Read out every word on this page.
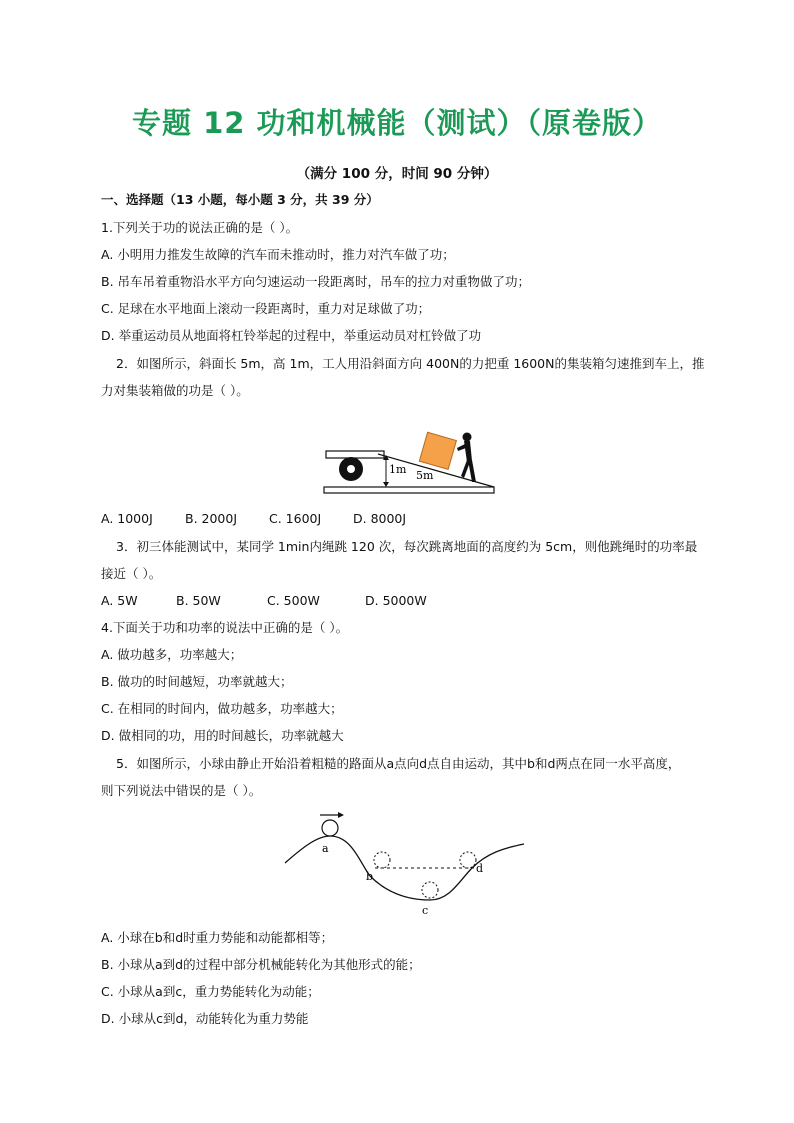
专题 12 功和机械能（测试）（原卷版）
（满分 100 分，时间 90 分钟）
一、选择题（13 小题，每小题 3 分，共 39 分）
1.下列关于功的说法正确的是（ ）。
A. 小明用力推发生故障的汽车而未推动时，推力对汽车做了功；
B. 吊车吊着重物沿水平方向匀速运动一段距离时，吊车的拉力对重物做了功；
C. 足球在水平地面上滚动一段距离时，重力对足球做了功；
D. 举重运动员从地面将杠铃举起的过程中，举重运动员对杠铃做了功
2．如图所示，斜面长 5m，高 1m，工人用沿斜面方向 400N的力把重 1600N的集装箱匀速推到车上，推
力对集装箱做的功是（ ）。
1m 5m
A. 1000J	B. 2000J	C. 1600J	D. 8000J
3．初三体能测试中，某同学 1min内绳跳 120 次，每次跳离地面的高度约为 5cm，则他跳绳时的功率最
接近（ ）。
A. 5W	B. 50W	C. 500W	D. 5000W
4.下面关于功和功率的说法中正确的是（ ）。
A. 做功越多，功率越大；
B. 做功的时间越短，功率就越大；
C. 在相同的时间内，做功越多，功率越大；
D. 做相同的功，用的时间越长，功率就越大
5．如图所示，小球由静止开始沿着粗糙的路面从a点向d点自由运动，其中b和d两点在同一水平高度，
则下列说法中错误的是（ ）。
a
b
c
d
A. 小球在b和d时重力势能和动能都相等；
B. 小球从a到d的过程中部分机械能转化为其他形式的能；
C. 小球从a到c，重力势能转化为动能；
D. 小球从c到d，动能转化为重力势能
